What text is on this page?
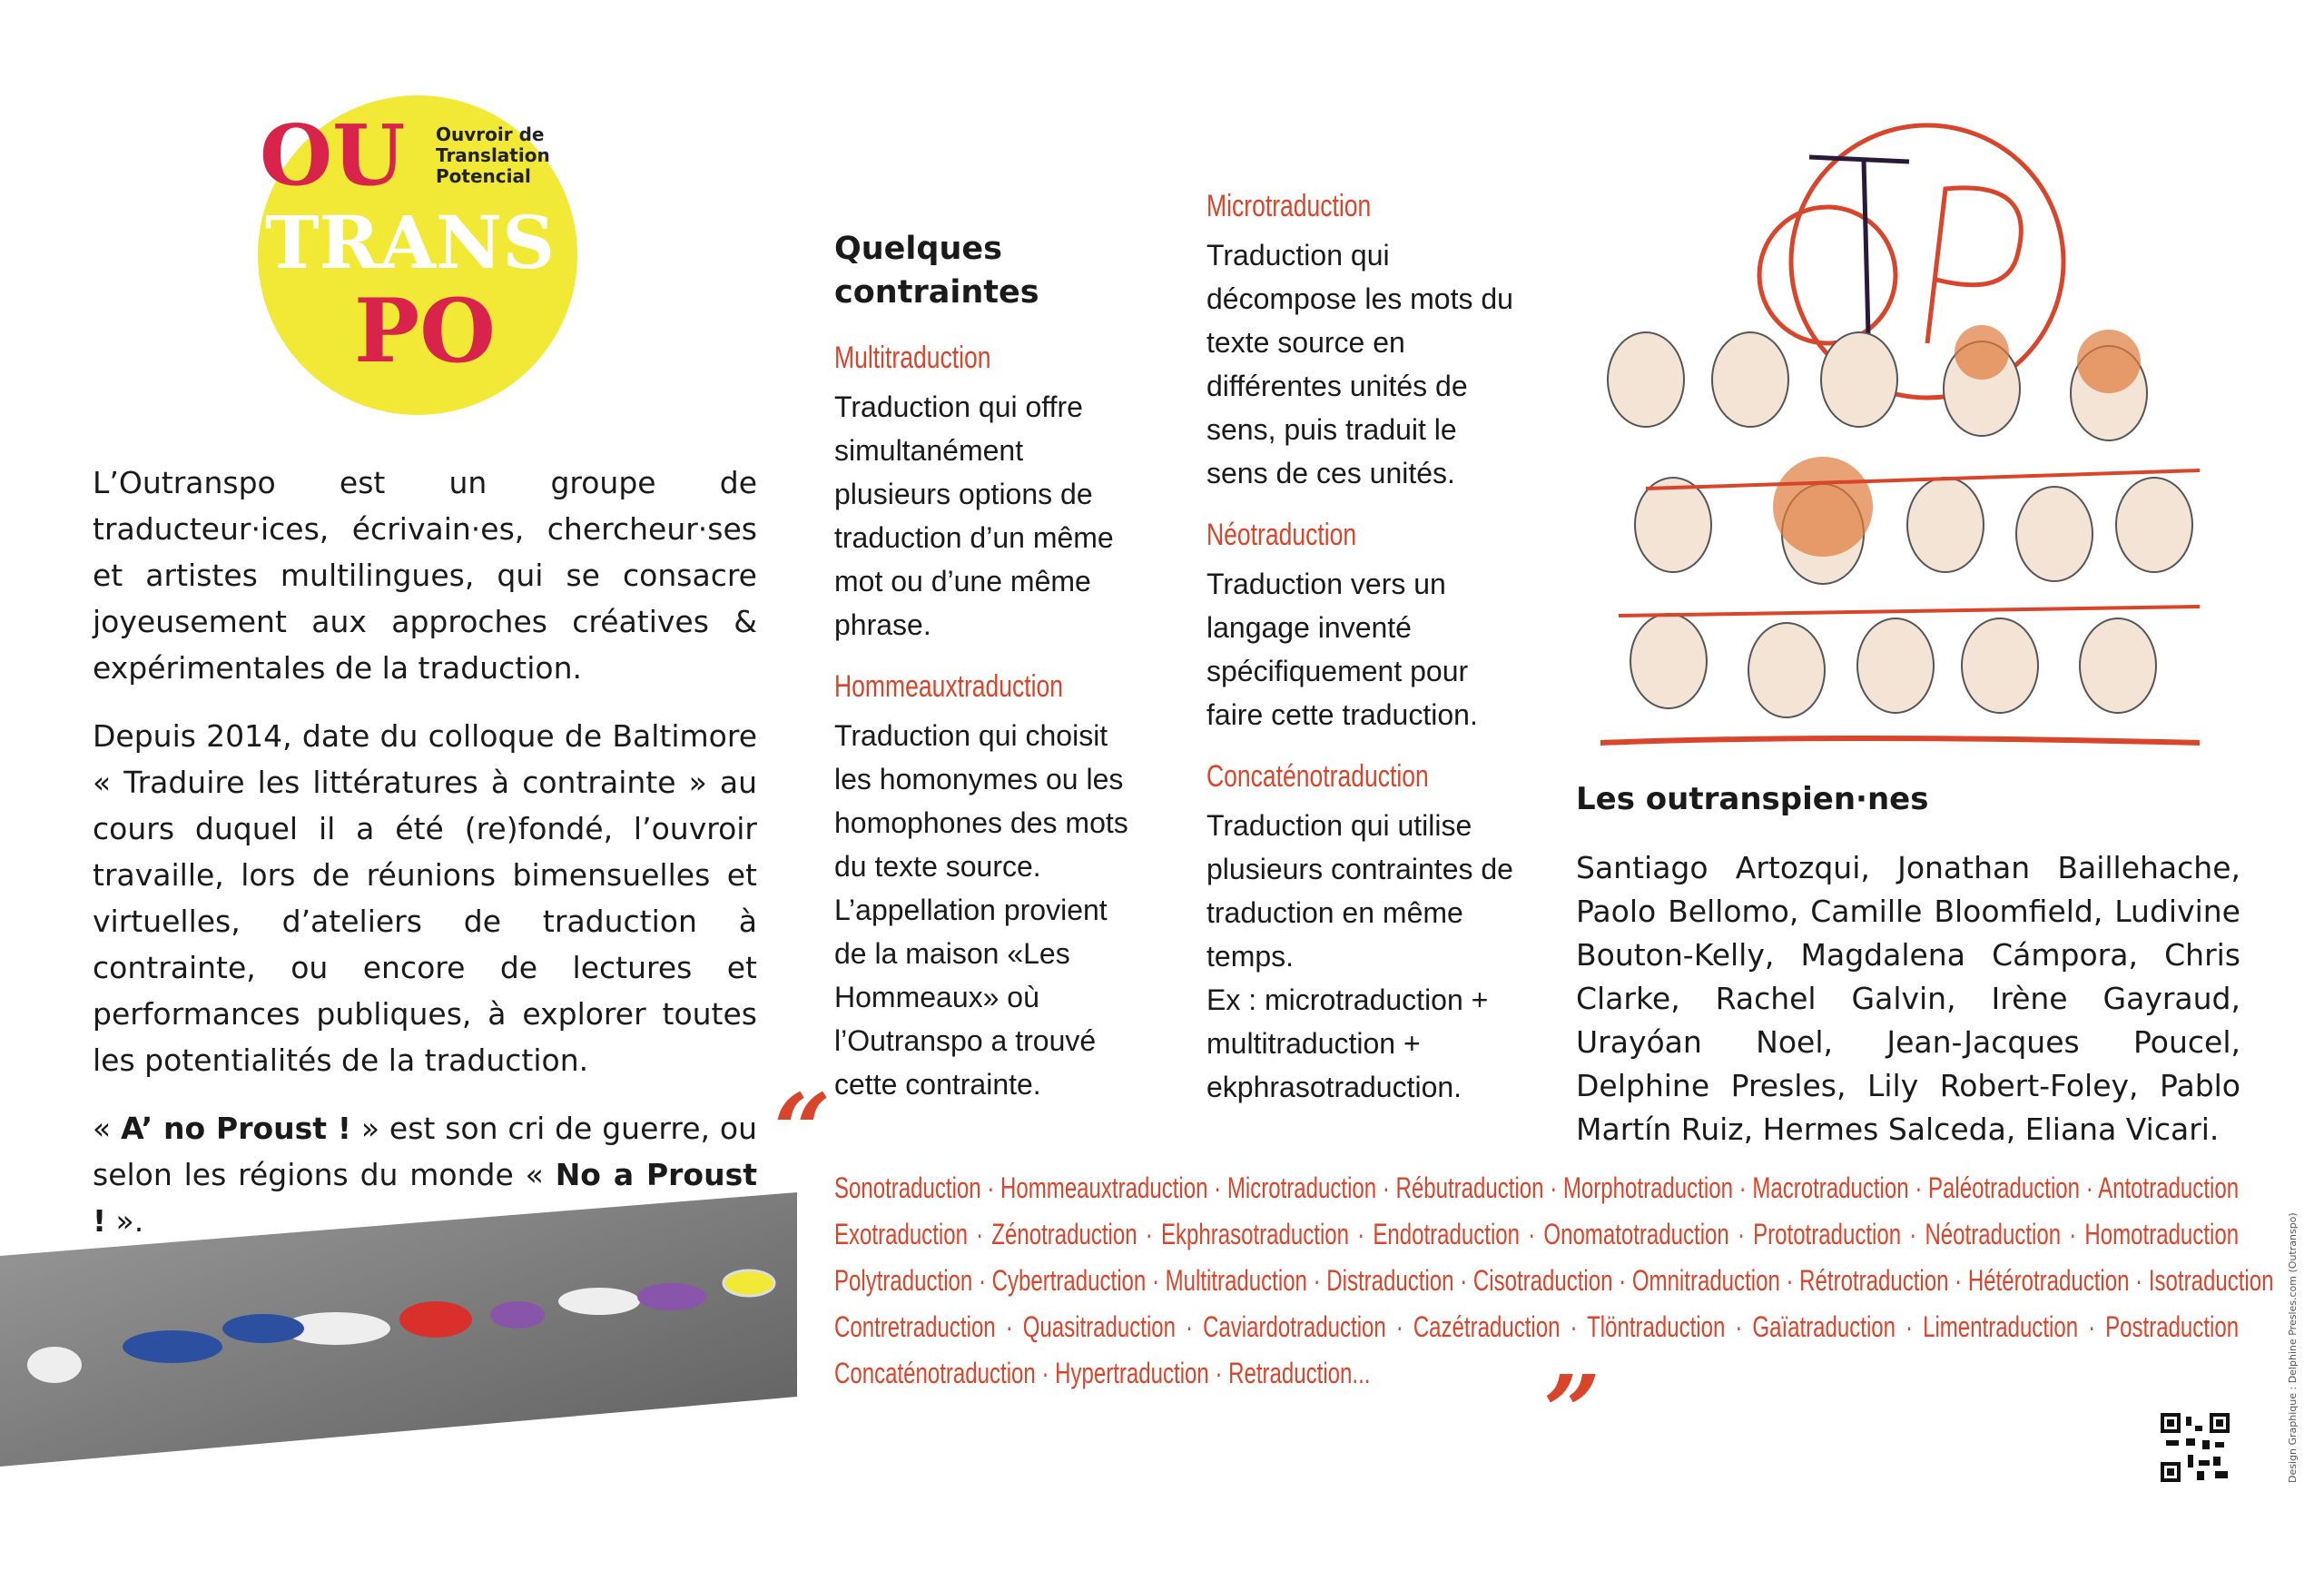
OU
TRANS
PO
Ouvroir de
Translation
Potencial

L’Outranspo est un groupe de traducteur·ices, écrivain·es, chercheur·ses et artistes multilingues, qui se consacre joyeusement aux approches créatives & expérimentales de la traduction.

Depuis 2014, date du colloque de Baltimore « Traduire les littératures à contrainte » au cours duquel il a été (re)fondé, l’ouvroir travaille, lors de réunions bimensuelles et virtuelles, d’ateliers de traduction à contrainte, ou encore de lectures et performances publiques, à explorer toutes les potentialités de la traduction.

« A’ no Proust ! » est son cri de guerre, ou selon les régions du monde « No a Proust ! ».

Quelques contraintes
Multitraduction

Traduction qui offre simultanément plusieurs options de traduction d’un même mot ou d’une même phrase.

Hommeauxtraduction

Traduction qui choisit les homonymes ou les homophones des mots du texte source. L’appellation provient de la maison «Les Hommeaux» où l’Outranspo a trouvé cette contrainte.

Microtraduction

Traduction qui décompose les mots du texte source en différentes unités de sens, puis traduit le sens de ces unités.

Néotraduction

Traduction vers un langage inventé spécifiquement pour faire cette traduction.

Concaténotraduction

Traduction qui utilise plusieurs contraintes de traduction en même temps.

Ex : microtraduction + multitraduction + ekphrasotraduction.

Les outranspien·nes
Santiago Artozqui, Jonathan Baillehache, Paolo Bellomo, Camille Bloomfield, Ludivine Bouton-Kelly, Magdalena Cámpora, Chris Clarke, Rachel Galvin, Irène Gayraud, Urayóan Noel, Jean-Jacques Poucel, Delphine Presles, Lily Robert-Foley, Pablo Martín Ruiz, Hermes Salceda, Eliana Vicari.
“
”
Sonotraduction · Hommeauxtraduction · Microtraduction · Rébutraduction · Morphotraduction · Macrotraduction · Paléotraduction · Antotraduction
Exotraduction · Zénotraduction · Ekphrasotraduction · Endotraduction · Onomatotraduction · Prototraduction · Néotraduction · Homotraduction
Polytraduction · Cybertraduction · Multitraduction · Distraduction · Cisotraduction · Omnitraduction · Rétrotraduction · Hétérotraduction · Isotraduction
Contretraduction · Quasitraduction · Caviardotraduction · Cazétraduction · Tlöntraduction · Gaïatraduction · Limentraduction · Postraduction
Concaténotraduction · Hypertraduction · Retraduction...	Design Graphique : Delphine Presles.com (Outranspo)
